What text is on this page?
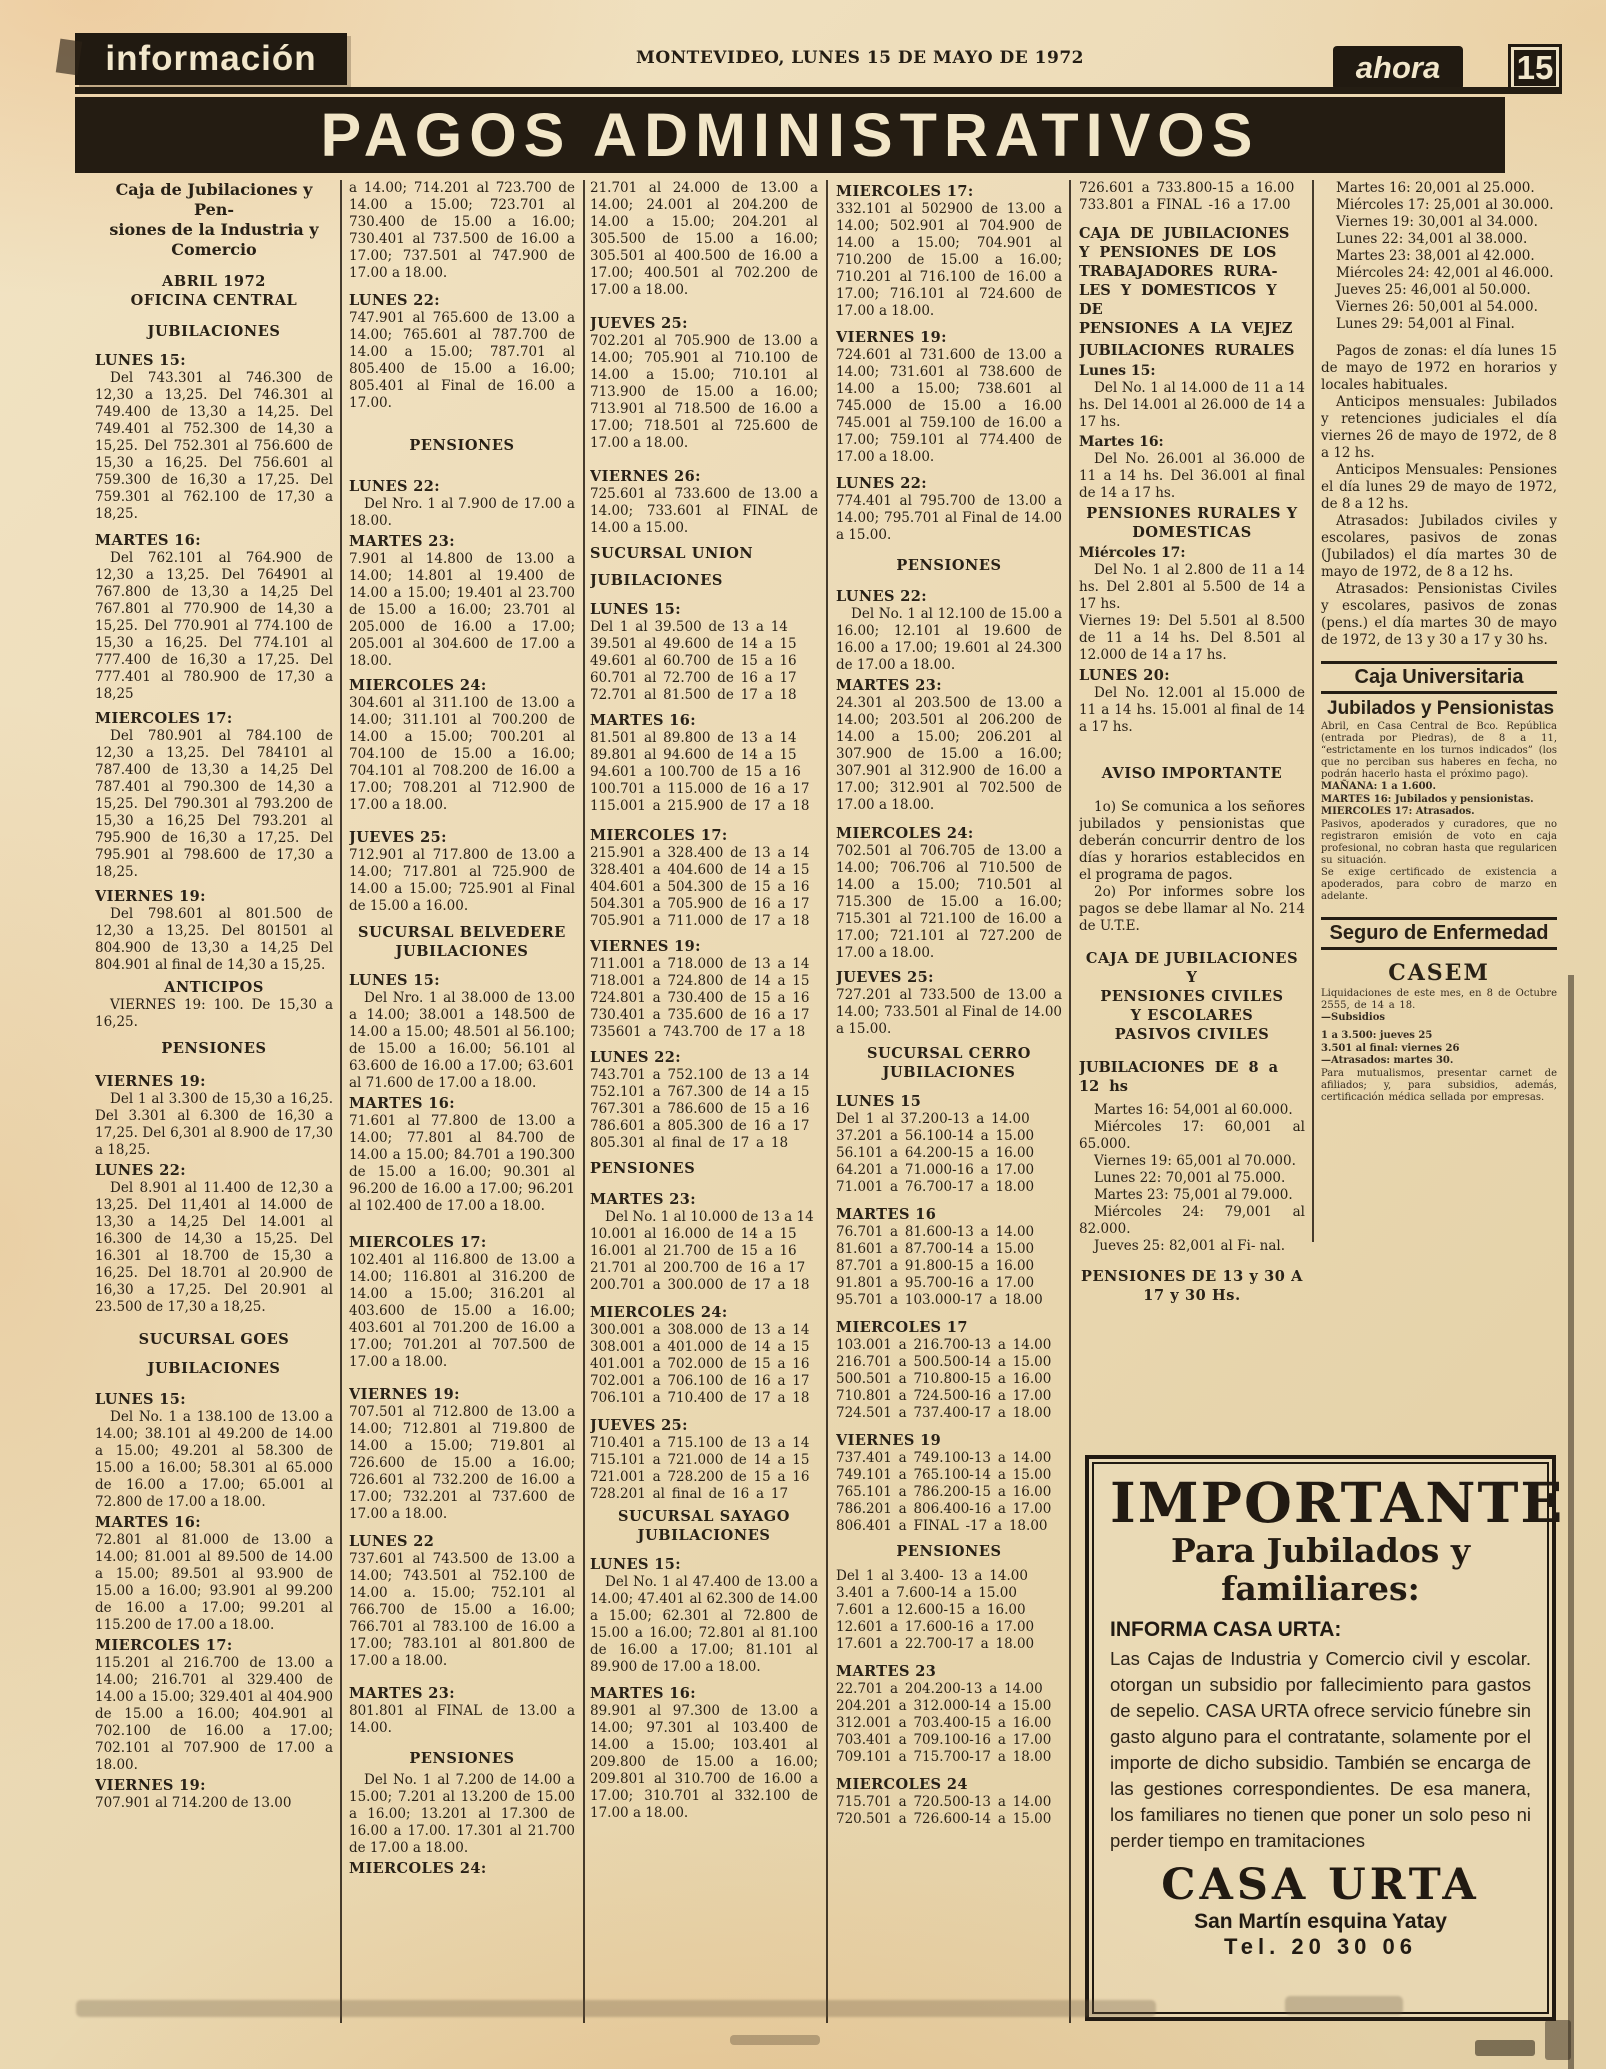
información	MONTEVIDEO, LUNES 15 DE MAYO DE 1972	ahora	15
PAGOS ADMINISTRATIVOS
Caja de Jubilaciones y Pen-
siones de la Industria y
Comercio
ABRIL 1972
OFICINA CENTRAL
JUBILACIONES
LUNES 15:
Del 743.301 al 746.300 de 12,30 a 13,25. Del 746.301 al 749.400 de 13,30 a 14,25. Del 749.401 al 752.300 de 14,30 a 15,25. Del 752.301 al 756.600 de 15,30 a 16,25. Del 756.601 al 759.300 de 16,30 a 17,25. Del 759.301 al 762.100 de 17,30 a 18,25.
MARTES 16:
Del 762.101 al 764.900 de 12,30 a 13,25. Del 764901 al 767.800 de 13,30 a 14,25 Del 767.801 al 770.900 de 14,30 a 15,25. Del 770.901 al 774.100 de 15,30 a 16,25. Del 774.101 al 777.400 de 16,30 a 17,25. Del 777.401 al 780.900 de 17,30 a 18,25
MIERCOLES 17:
Del 780.901 al 784.100 de 12,30 a 13,25. Del 784101 al 787.400 de 13,30 a 14,25 Del 787.401 al 790.300 de 14,30 a 15,25. Del 790.301 al 793.200 de 15,30 a 16,25 Del 793.201 al 795.900 de 16,30 a 17,25. Del 795.901 al 798.600 de 17,30 a 18,25.
VIERNES 19:
Del 798.601 al 801.500 de 12,30 a 13,25. Del 801501 al 804.900 de 13,30 a 14,25 Del 804.901 al final de 14,30 a 15,25.
ANTICIPOS
VIERNES 19: 100. De 15,30 a 16,25.
PENSIONES
VIERNES 19:
Del 1 al 3.300 de 15,30 a 16,25. Del 3.301 al 6.300 de 16,30 a 17,25. Del 6,301 al 8.900 de 17,30 a 18,25.
LUNES 22:
Del 8.901 al 11.400 de 12,30 a 13,25. Del 11,401 al 14.000 de 13,30 a 14,25 Del 14.001 al 16.300 de 14,30 a 15,25. Del 16.301 al 18.700 de 15,30 a 16,25. Del 18.701 al 20.900 de 16,30 a 17,25. Del 20.901 al 23.500 de 17,30 a 18,25.
SUCURSAL GOES
JUBILACIONES
LUNES 15:
Del No. 1 a 138.100 de 13.00 a 14.00; 38.101 al 49.200 de 14.00 a 15.00; 49.201 al 58.300 de 15.00 a 16.00; 58.301 al 65.000 de 16.00 a 17.00; 65.001 al 72.800 de 17.00 a 18.00.
MARTES 16:
72.801 al 81.000 de 13.00 a 14.00; 81.001 al 89.500 de 14.00 a 15.00; 89.501 al 93.900 de 15.00 a 16.00; 93.901 al 99.200 de 16.00 a 17.00; 99.201 al 115.200 de 17.00 a 18.00.
MIERCOLES 17:
115.201 al 216.700 de 13.00 a 14.00; 216.701 al 329.400 de 14.00 a 15.00; 329.401 al 404.900 de 15.00 a 16.00; 404.901 al 702.100 de 16.00 a 17.00; 702.101 al 707.900 de 17.00 a 18.00.
VIERNES 19:
707.901 al 714.200 de 13.00
a 14.00; 714.201 al 723.700 de 14.00 a 15.00; 723.701 al 730.400 de 15.00 a 16.00; 730.401 al 737.500 de 16.00 a 17.00; 737.501 al 747.900 de 17.00 a 18.00.
LUNES 22:
747.901 al 765.600 de 13.00 a 14.00; 765.601 al 787.700 de 14.00 a 15.00; 787.701 al 805.400 de 15.00 a 16.00; 805.401 al Final de 16.00 a 17.00.
PENSIONES
LUNES 22:
Del Nro. 1 al 7.900 de 17.00 a 18.00.
MARTES 23:
7.901 al 14.800 de 13.00 a 14.00; 14.801 al 19.400 de 14.00 a 15.00; 19.401 al 23.700 de 15.00 a 16.00; 23.701 al 205.000 de 16.00 a 17.00; 205.001 al 304.600 de 17.00 a 18.00.
MIERCOLES 24:
304.601 al 311.100 de 13.00 a 14.00; 311.101 al 700.200 de 14.00 a 15.00; 700.201 al 704.100 de 15.00 a 16.00; 704.101 al 708.200 de 16.00 a 17.00; 708.201 al 712.900 de 17.00 a 18.00.
JUEVES 25:
712.901 al 717.800 de 13.00 a 14.00; 717.801 al 725.900 de 14.00 a 15.00; 725.901 al Final de 15.00 a 16.00.
SUCURSAL BELVEDERE
JUBILACIONES
LUNES 15:
Del Nro. 1 al 38.000 de 13.00 a 14.00; 38.001 a 148.500 de 14.00 a 15.00; 48.501 al 56.100; de 15.00 a 16.00; 56.101 al 63.600 de 16.00 a 17.00; 63.601 al 71.600 de 17.00 a 18.00.
MARTES 16:
71.601 al 77.800 de 13.00 a 14.00; 77.801 al 84.700 de 14.00 a 15.00; 84.701 a 190.300 de 15.00 a 16.00; 90.301 al 96.200 de 16.00 a 17.00; 96.201 al 102.400 de 17.00 a 18.00.
MIERCOLES 17:
102.401 al 116.800 de 13.00 a 14.00; 116.801 al 316.200 de 14.00 a 15.00; 316.201 al 403.600 de 15.00 a 16.00; 403.601 al 701.200 de 16.00 a 17.00; 701.201 al 707.500 de 17.00 a 18.00.
VIERNES 19:
707.501 al 712.800 de 13.00 a 14.00; 712.801 al 719.800 de 14.00 a 15.00; 719.801 al 726.600 de 15.00 a 16.00; 726.601 al 732.200 de 16.00 a 17.00; 732.201 al 737.600 de 17.00 a 18.00.
LUNES 22
737.601 al 743.500 de 13.00 a 14.00; 743.501 al 752.100 de 14.00 a. 15.00; 752.101 al 766.700 de 15.00 a 16.00; 766.701 al 783.100 de 16.00 a 17.00; 783.101 al 801.800 de 17.00 a 18.00.
MARTES 23:
801.801 al FINAL de 13.00 a 14.00.
PENSIONES
Del No. 1 al 7.200 de 14.00 a 15.00; 7.201 al 13.200 de 15.00 a 16.00; 13.201 al 17.300 de 16.00 a 17.00. 17.301 al 21.700 de 17.00 a 18.00.
MIERCOLES 24:
21.701 al 24.000 de 13.00 a 14.00; 24.001 al 204.200 de 14.00 a 15.00; 204.201 al 305.500 de 15.00 a 16.00; 305.501 al 400.500 de 16.00 a 17.00; 400.501 al 702.200 de 17.00 a 18.00.
JUEVES 25:
702.201 al 705.900 de 13.00 a 14.00; 705.901 al 710.100 de 14.00 a 15.00; 710.101 al 713.900 de 15.00 a 16.00; 713.901 al 718.500 de 16.00 a 17.00; 718.501 al 725.600 de 17.00 a 18.00.
VIERNES 26:
725.601 al 733.600 de 13.00 a 14.00; 733.601 al FINAL de 14.00 a 15.00.
SUCURSAL UNION
JUBILACIONES
LUNES 15:
Del 1 al 39.500 de 13 a 14
39.501 al 49.600 de 14 a 15
49.601 al 60.700 de 15 a 16
60.701 al 72.700 de 16 a 17
72.701 al 81.500 de 17 a 18
MARTES 16:
81.501 al 89.800 de 13 a 14
89.801 al 94.600 de 14 a 15
94.601 a 100.700 de 15 a 16
100.701 a 115.000 de 16 a 17
115.001 a 215.900 de 17 a 18
MIERCOLES 17:
215.901 a 328.400 de 13 a 14
328.401 a 404.600 de 14 a 15
404.601 a 504.300 de 15 a 16
504.301 a 705.900 de 16 a 17
705.901 a 711.000 de 17 a 18
VIERNES 19:
711.001 a 718.000 de 13 a 14
718.001 a 724.800 de 14 a 15
724.801 a 730.400 de 15 a 16
730.401 a 735.600 de 16 a 17
735601 a 743.700 de 17 a 18
LUNES 22:
743.701 a 752.100 de 13 a 14
752.101 a 767.300 de 14 a 15
767.301 a 786.600 de 15 a 16
786.601 a 805.300 de 16 a 17
805.301 al final de 17 a 18
PENSIONES
MARTES 23:
Del No. 1 al 10.000 de 13 a 14
10.001 al 16.000 de 14 a 15
16.001 al 21.700 de 15 a 16
21.701 al 200.700 de 16 a 17
200.701 a 300.000 de 17 a 18
MIERCOLES 24:
300.001 a 308.000 de 13 a 14
308.001 a 401.000 de 14 a 15
401.001 a 702.000 de 15 a 16
702.001 a 706.100 de 16 a 17
706.101 a 710.400 de 17 a 18
JUEVES 25:
710.401 a 715.100 de 13 a 14
715.101 a 721.000 de 14 a 15
721.001 a 728.200 de 15 a 16
728.201 al final de 16 a 17
SUCURSAL SAYAGO
JUBILACIONES
LUNES 15:
Del No. 1 al 47.400 de 13.00 a 14.00; 47.401 al 62.300 de 14.00 a 15.00; 62.301 al 72.800 de 15.00 a 16.00; 72.801 al 81.100 de 16.00 a 17.00; 81.101 al 89.900 de 17.00 a 18.00.
MARTES 16:
89.901 al 97.300 de 13.00 a 14.00; 97.301 al 103.400 de 14.00 a 15.00; 103.401 al 209.800 de 15.00 a 16.00; 209.801 al 310.700 de 16.00 a 17.00; 310.701 al 332.100 de 17.00 a 18.00.
MIERCOLES 17:
332.101 al 502900 de 13.00 a 14.00; 502.901 al 704.900 de 14.00 a 15.00; 704.901 al 710.200 de 15.00 a 16.00; 710.201 al 716.100 de 16.00 a 17.00; 716.101 al 724.600 de 17.00 a 18.00.
VIERNES 19:
724.601 al 731.600 de 13.00 a 14.00; 731.601 al 738.600 de 14.00 a 15.00; 738.601 al 745.000 de 15.00 a 16.00 745.001 al 759.100 de 16.00 a 17.00; 759.101 al 774.400 de 17.00 a 18.00.
LUNES 22:
774.401 al 795.700 de 13.00 a 14.00; 795.701 al Final de 14.00 a 15.00.
PENSIONES
LUNES 22:
Del No. 1 al 12.100 de 15.00 a 16.00; 12.101 al 19.600 de 16.00 a 17.00; 19.601 al 24.300 de 17.00 a 18.00.
MARTES 23:
24.301 al 203.500 de 13.00 a 14.00; 203.501 al 206.200 de 14.00 a 15.00; 206.201 al 307.900 de 15.00 a 16.00; 307.901 al 312.900 de 16.00 a 17.00; 312.901 al 702.500 de 17.00 a 18.00.
MIERCOLES 24:
702.501 al 706.705 de 13.00 a 14.00; 706.706 al 710.500 de 14.00 a 15.00; 710.501 al 715.300 de 15.00 a 16.00; 715.301 al 721.100 de 16.00 a 17.00; 721.101 al 727.200 de 17.00 a 18.00.
JUEVES 25:
727.201 al 733.500 de 13.00 a 14.00; 733.501 al Final de 14.00 a 15.00.
SUCURSAL CERRO
JUBILACIONES
LUNES 15
Del 1 al 37.200-13 a 14.00
37.201 a 56.100-14 a 15.00
56.101 a 64.200-15 a 16.00
64.201 a 71.000-16 a 17.00
71.001 a 76.700-17 a 18.00
MARTES 16
76.701 a 81.600-13 a 14.00
81.601 a 87.700-14 a 15.00
87.701 a 91.800-15 a 16.00
91.801 a 95.700-16 a 17.00
95.701 a 103.000-17 a 18.00
MIERCOLES 17
103.001 a 216.700-13 a 14.00
216.701 a 500.500-14 a 15.00
500.501 a 710.800-15 a 16.00
710.801 a 724.500-16 a 17.00
724.501 a 737.400-17 a 18.00
VIERNES 19
737.401 a 749.100-13 a 14.00
749.101 a 765.100-14 a 15.00
765.101 a 786.200-15 a 16.00
786.201 a 806.400-16 a 17.00
806.401 a FINAL -17 a 18.00
PENSIONES
Del 1 al 3.400- 13 a 14.00
3.401 a 7.600-14 a 15.00
7.601 a 12.600-15 a 16.00
12.601 a 17.600-16 a 17.00
17.601 a 22.700-17 a 18.00
MARTES 23
22.701 a 204.200-13 a 14.00
204.201 a 312.000-14 a 15.00
312.001 a 703.400-15 a 16.00
703.401 a 709.100-16 a 17.00
709.101 a 715.700-17 a 18.00
MIERCOLES 24
715.701 a 720.500-13 a 14.00
720.501 a 726.600-14 a 15.00
726.601 a 733.800-15 a 16.00
733.801 a FINAL -16 a 17.00
CAJA DE JUBILACIONES
Y PENSIONES DE LOS
TRABAJADORES RURA-
LES Y DOMESTICOS Y DE
PENSIONES A LA VEJEZ
JUBILACIONES RURALES
Lunes 15:
Del No. 1 al 14.000 de 11 a 14 hs. Del 14.001 al 26.000 de 14 a 17 hs.
Martes 16:
Del No. 26.001 al 36.000 de 11 a 14 hs. Del 36.001 al final de 14 a 17 hs.
PENSIONES RURALES Y
DOMESTICAS
Miércoles 17:
Del No. 1 al 2.800 de 11 a 14 hs. Del 2.801 al 5.500 de 14 a 17 hs.
Viernes 19: Del 5.501 al 8.500 de 11 a 14 hs. Del 8.501 al 12.000 de 14 a 17 hs.
LUNES 20:
Del No. 12.001 al 15.000 de 11 a 14 hs. 15.001 al final de 14 a 17 hs.
AVISO IMPORTANTE
1o) Se comunica a los señores jubilados y pensionistas que deberán concurrir dentro de los días y horarios establecidos en el programa de pagos.
2o) Por informes sobre los pagos se debe llamar al No. 214 de U.T.E.
CAJA DE JUBILACIONES Y
PENSIONES CIVILES
Y ESCOLARES
PASIVOS CIVILES
JUBILACIONES DE 8 a 12 hs
Martes 16: 54,001 al 60.000.
Miércoles 17: 60,001 al 65.000.
Viernes 19: 65,001 al 70.000.
Lunes 22: 70,001 al 75.000.
Martes 23: 75,001 al 79.000.
Miércoles 24: 79,001 al 82.000.
Jueves 25: 82,001 al Fi- nal.
PENSIONES DE 13 y 30 A
17 y 30 Hs.
Martes 16: 20,001 al 25.000.
Miércoles 17: 25,001 al 30.000.
Viernes 19: 30,001 al 34.000.
Lunes 22: 34,001 al 38.000.
Martes 23: 38,001 al 42.000.
Miércoles 24: 42,001 al 46.000.
Jueves 25: 46,001 al 50.000.
Viernes 26: 50,001 al 54.000.
Lunes 29: 54,001 al Final.
Pagos de zonas: el día lunes 15 de mayo de 1972 en horarios y locales habituales.
Anticipos mensuales: Jubilados y retenciones judiciales el día viernes 26 de mayo de 1972, de 8 a 12 hs.
Anticipos Mensuales: Pensiones el día lunes 29 de mayo de 1972, de 8 a 12 hs.
Atrasados: Jubilados civiles y escolares, pasivos de zonas (Jubilados) el día martes 30 de mayo de 1972, de 8 a 12 hs.
Atrasados: Pensionistas Civiles y escolares, pasivos de zonas (pens.) el día martes 30 de mayo de 1972, de 13 y 30 a 17 y 30 hs.
Caja Universitaria
Jubilados y Pensionistas
Abril, en Casa Central de Bco. República (entrada por Piedras), de 8 a 11, “estrictamente en los turnos indicados” (los que no perciban sus haberes en fecha, no podrán hacerlo hasta el próximo pago).
MAÑANA: 1 a 1.600.
MARTES 16: Jubilados y pensionistas.
MIERCOLES 17: Atrasados.
Pasivos, apoderados y curadores, que no registraron emisión de voto en caja profesional, no cobran hasta que regularicen su situación.
Se exige certificado de existencia a apoderados, para cobro de marzo en adelante.
Seguro de Enfermedad
CASEM
Liquidaciones de este mes, en 8 de Octubre 2555, de 14 a 18.
—Subsidios
1 a 3.500: jueves 25
3.501 al final: viernes 26
—Atrasados: martes 30.
Para mutualismos, presentar carnet de afiliados; y, para subsidios, además, certificación médica sellada por empresas.
IMPORTANTE
Para Jubilados y
familiares:
INFORMA CASA URTA:
Las Cajas de Industria y Comercio civil y escolar. otorgan un subsidio por fallecimiento para gastos de sepelio. CASA URTA ofrece servicio fúnebre sin gasto alguno para el contratante, solamente por el importe de dicho subsidio. También se encarga de las gestiones correspondientes. De esa manera, los familiares no tienen que poner un solo peso ni perder tiempo en tramitaciones
CASA URTA
San Martín esquina Yatay
Tel. 20 30 06
